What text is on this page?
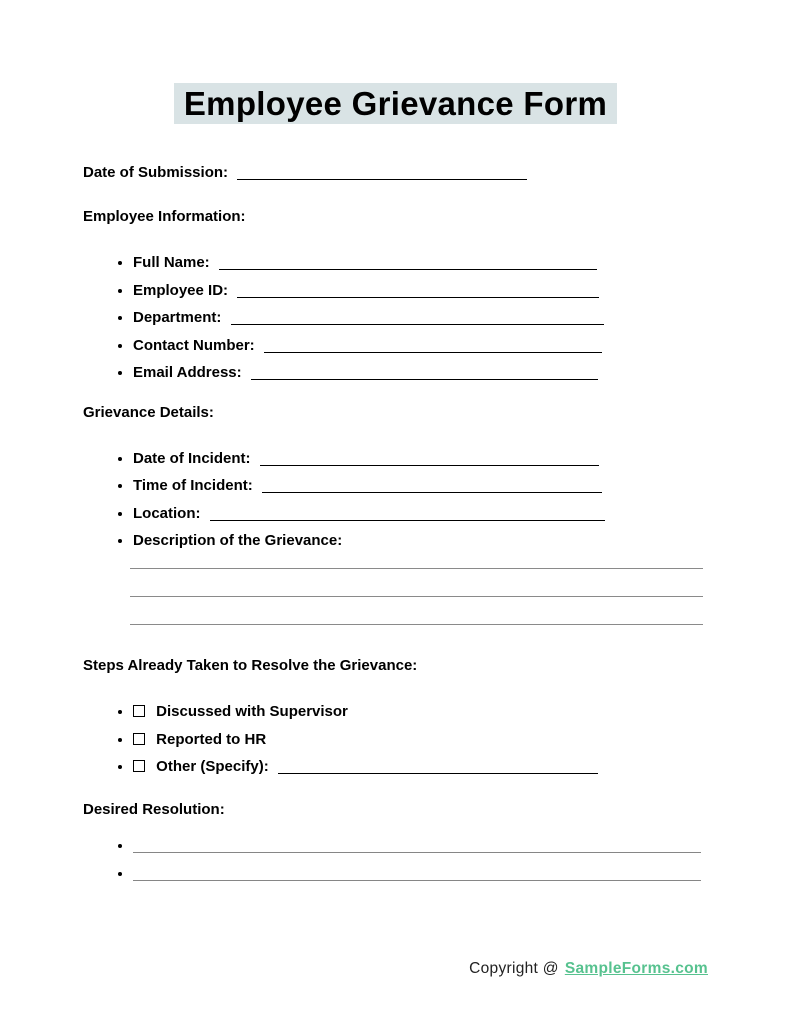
Employee Grievance Form
Date of Submission:
Employee Information:
• Full Name:
• Employee ID:
• Department:
• Contact Number:
• Email Address:
Grievance Details:
• Date of Incident:
• Time of Incident:
• Location:
• Description of the Grievance:
Steps Already Taken to Resolve the Grievance:
• Discussed with Supervisor
• Reported to HR
• Other (Specify):
Desired Resolution:
•
•
Copyright @ SampleForms.com
